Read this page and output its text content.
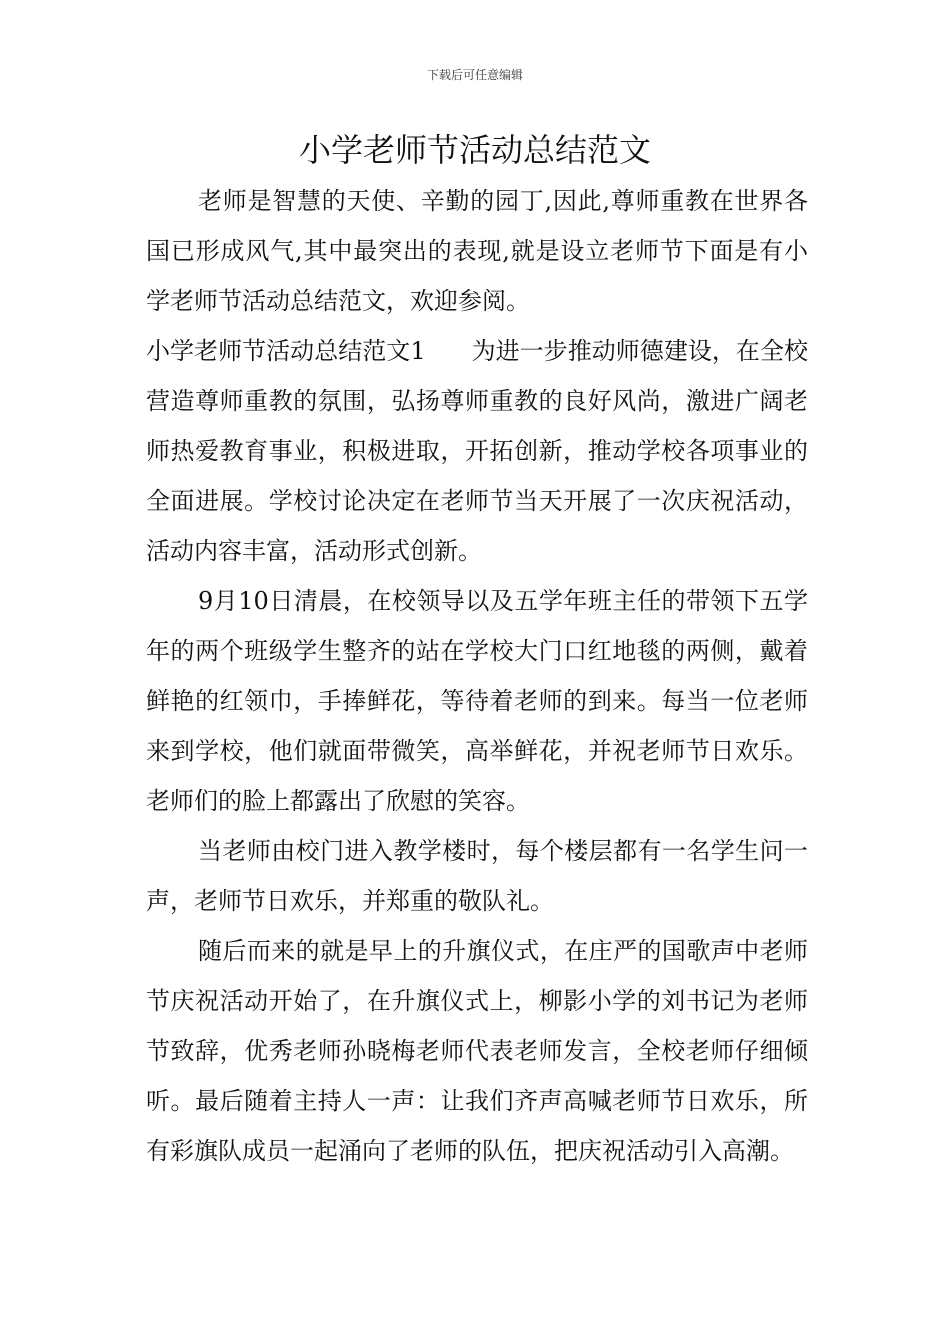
下载后可任意编辑
小学老师节活动总结范文

老师是智慧的天使、辛勤的园丁,因此,尊师重教在世界各国已形成风气,其中最突出的表现,就是设立老师节下面是有小学老师节活动总结范文，欢迎参阅。

小学老师节活动总结范文1 为进一步推动师德建设，在全校营造尊师重教的氛围，弘扬尊师重教的良好风尚，激进广阔老师热爱教育事业，积极进取，开拓创新，推动学校各项事业的全面进展。学校讨论决定在老师节当天开展了一次庆祝活动，活动内容丰富，活动形式创新。

9月10日清晨，在校领导以及五学年班主任的带领下五学年的两个班级学生整齐的站在学校大门口红地毯的两侧，戴着鲜艳的红领巾，手捧鲜花，等待着老师的到来。每当一位老师来到学校，他们就面带微笑，高举鲜花，并祝老师节日欢乐。老师们的脸上都露出了欣慰的笑容。

当老师由校门进入教学楼时，每个楼层都有一名学生问一声，老师节日欢乐，并郑重的敬队礼。

随后而来的就是早上的升旗仪式，在庄严的国歌声中老师节庆祝活动开始了，在升旗仪式上，柳影小学的刘书记为老师节致辞，优秀老师孙晓梅老师代表老师发言，全校老师仔细倾听。最后随着主持人一声：让我们齐声高喊老师节日欢乐，所有彩旗队成员一起涌向了老师的队伍，把庆祝活动引入高潮。
